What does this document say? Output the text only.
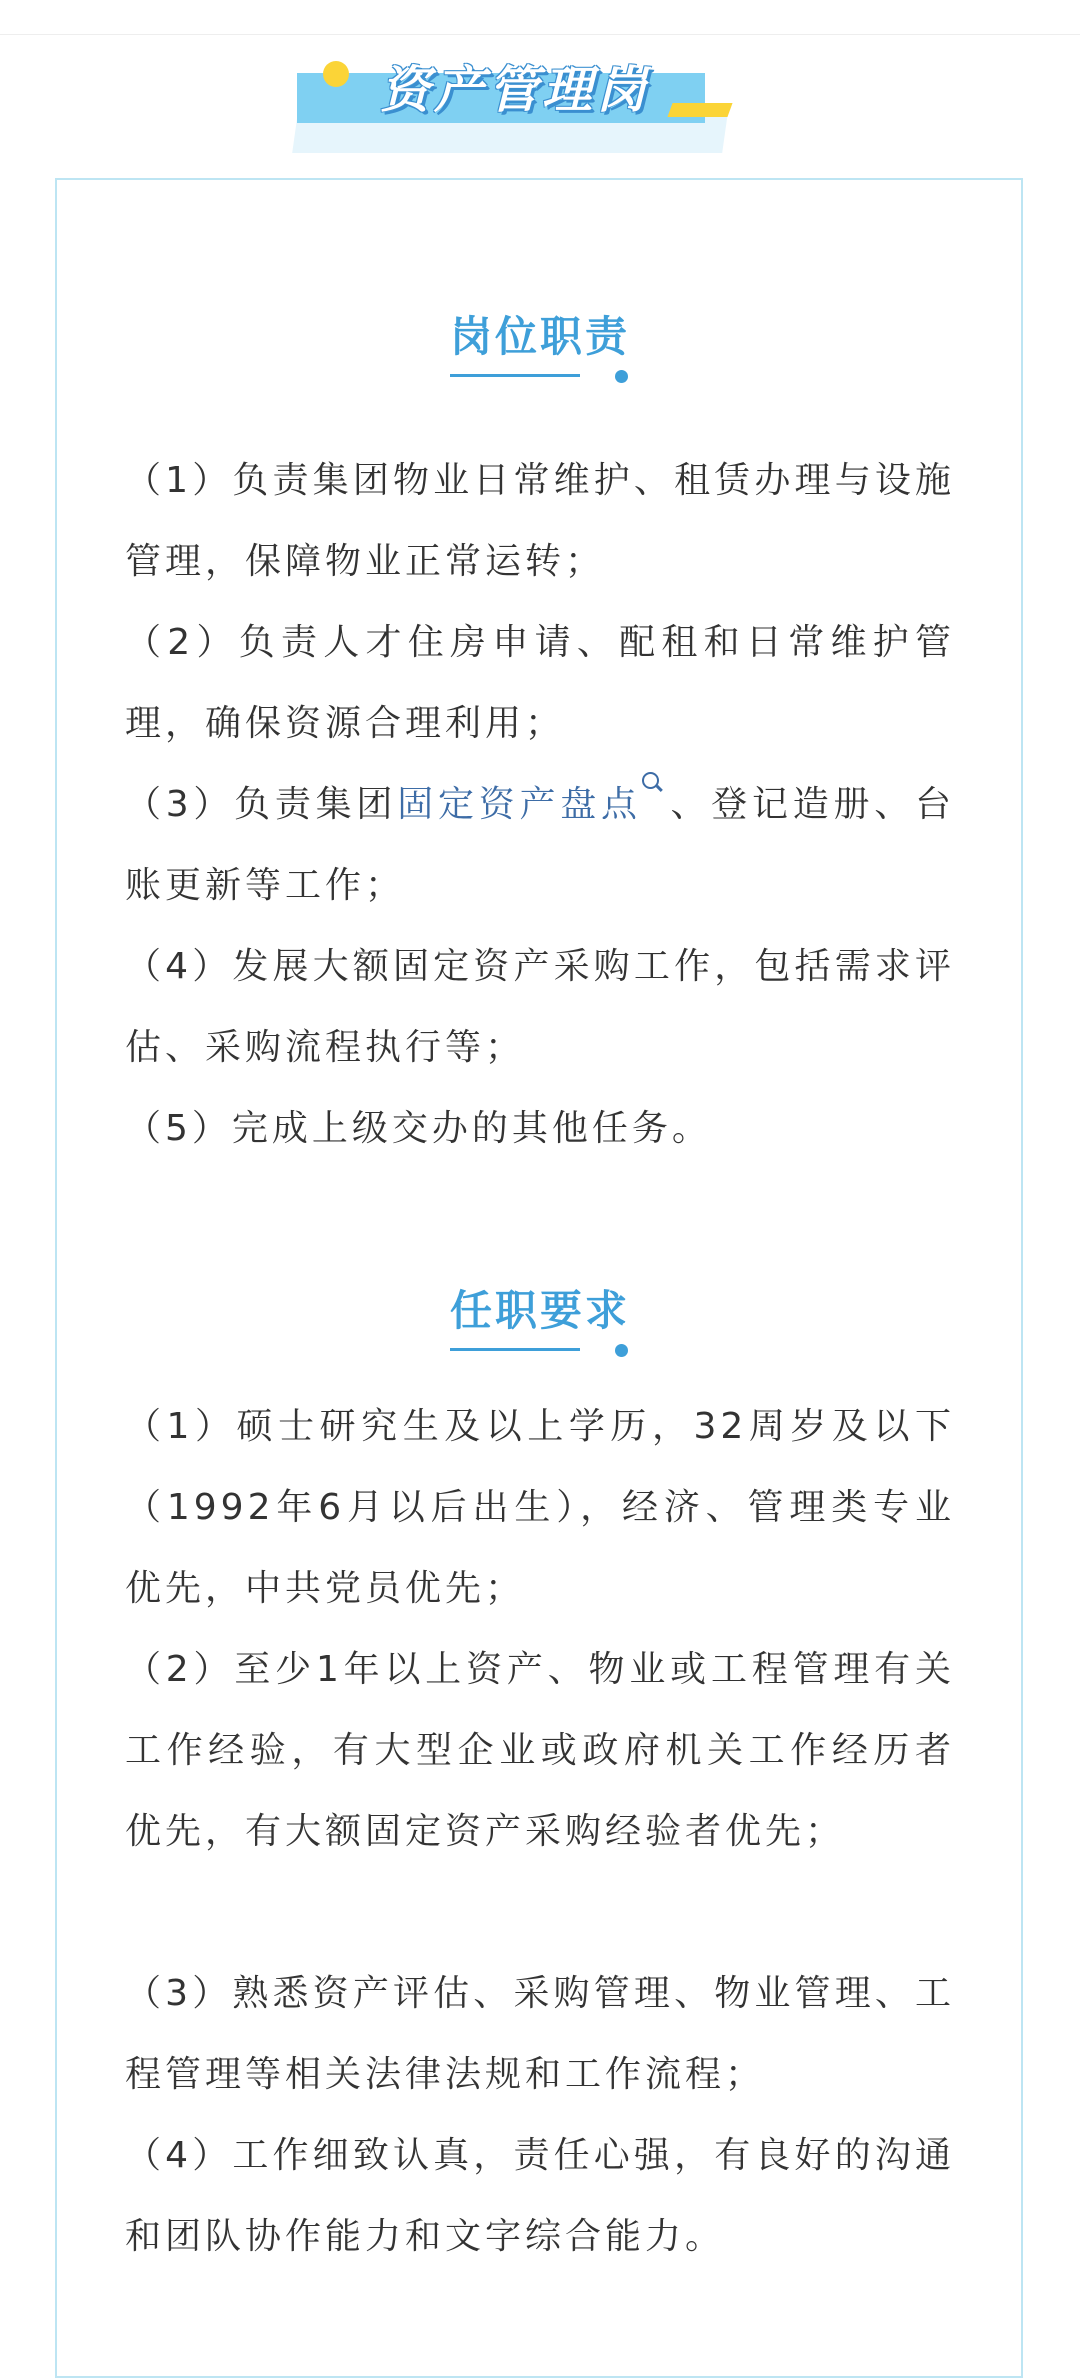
资产管理岗
岗位职责
（1）负责集团物业日常维护、租赁办理与设施管理，保障物业正常运转；
（2）负责人才住房申请、配租和日常维护管理，确保资源合理利用；
（3）负责集团固定资产盘点 、登记造册、台账更新等工作；
（4）发展大额固定资产采购工作，包括需求评估、采购流程执行等；
（5）完成上级交办的其他任务。
任职要求
（1）硕士研究生及以上学历，32周岁及以下（1992年6月以后出生），经济、管理类专业优先，中共党员优先；
（2）至少1年以上资产、物业或工程管理有关工作经验，有大型企业或政府机关工作经历者优先，有大额固定资产采购经验者优先；
（3）熟悉资产评估、采购管理、物业管理、工程管理等相关法律法规和工作流程；
（4）工作细致认真，责任心强，有良好的沟通和团队协作能力和文字综合能力。
